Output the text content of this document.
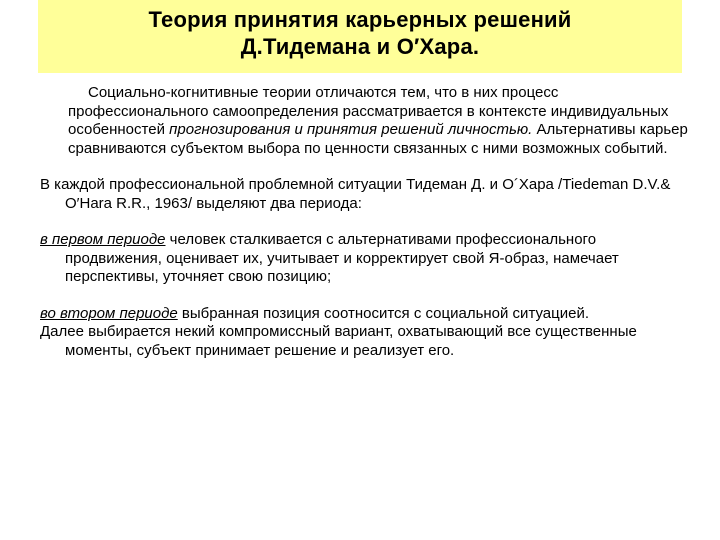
Теория принятия карьерных решений
Д.Тидемана и О′Хара.

Социально-когнитивные теории отличаются тем, что в них процесс профессионального самоопределения рассматривается в контексте индивидуальных особенностей прогнозирования и принятия решений личностью. Альтернативы карьер сравниваются субъектом выбора по ценности связанных с ними возможных событий.

В каждой профессиональной проблемной ситуации Тидеман Д. и О´Хара /Tiedeman D.V.& O′Hara R.R., 1963/ выделяют два периода:

в первом периоде человек сталкивается с альтернативами профессионального продвижения, оценивает их, учитывает и корректирует свой Я-образ, намечает перспективы, уточняет свою позицию;

во втором периоде выбранная позиция соотносится с социальной ситуацией.

Далее выбирается некий компромиссный вариант, охватывающий все существенные моменты, субъект принимает решение и реализует его.
